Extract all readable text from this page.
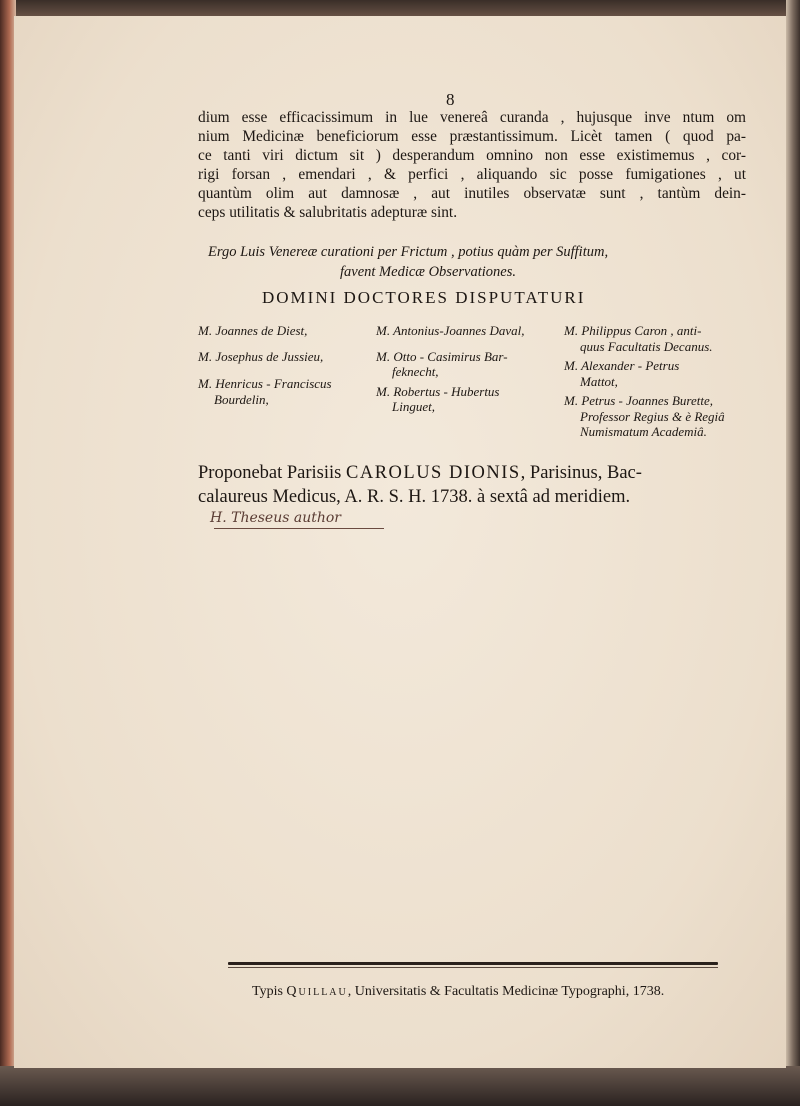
8
dium esse efficacissimum in lue venereâ curanda , hujusque inve ntum om
nium Medicinæ beneficiorum esse præstantissimum. Licèt tamen ( quod pa-
ce tanti viri dictum sit ) desperandum omnino non esse existimemus , cor-
rigi forsan , emendari , & perfici , aliquando sic posse fumigationes , ut
quantùm olim aut damnosæ , aut inutiles observatæ sunt , tantùm dein-
ceps utilitatis & salubritatis adepturæ sint.
Ergo Luis Venereæ curationi per Frictum , potius quàm per Suffitum,
favent Medicæ Observationes.
DOMINI DOCTORES DISPUTATURI
M. Joannes de Diest,
M. Josephus de Jussieu,
M. Henricus - Franciscus
Bourdelin,
M. Antonius-Joannes Daval,
M. Otto - Casimirus Bar-
feknecht,
M. Robertus - Hubertus
Linguet,
M. Philippus Caron , anti-
quus Facultatis Decanus.
M. Alexander - Petrus
Mattot,
M. Petrus - Joannes Burette,
Professor Regius & è Regiâ
Numismatum Academiâ.
Proponebat Parisiis CAROLUS DIONIS, Parisinus, Bac-
calaureus Medicus, A. R. S. H. 1738. à sextâ ad meridiem.
H. Theseus author
Typis Quillau, Universitatis & Facultatis Medicinæ Typographi, 1738.
